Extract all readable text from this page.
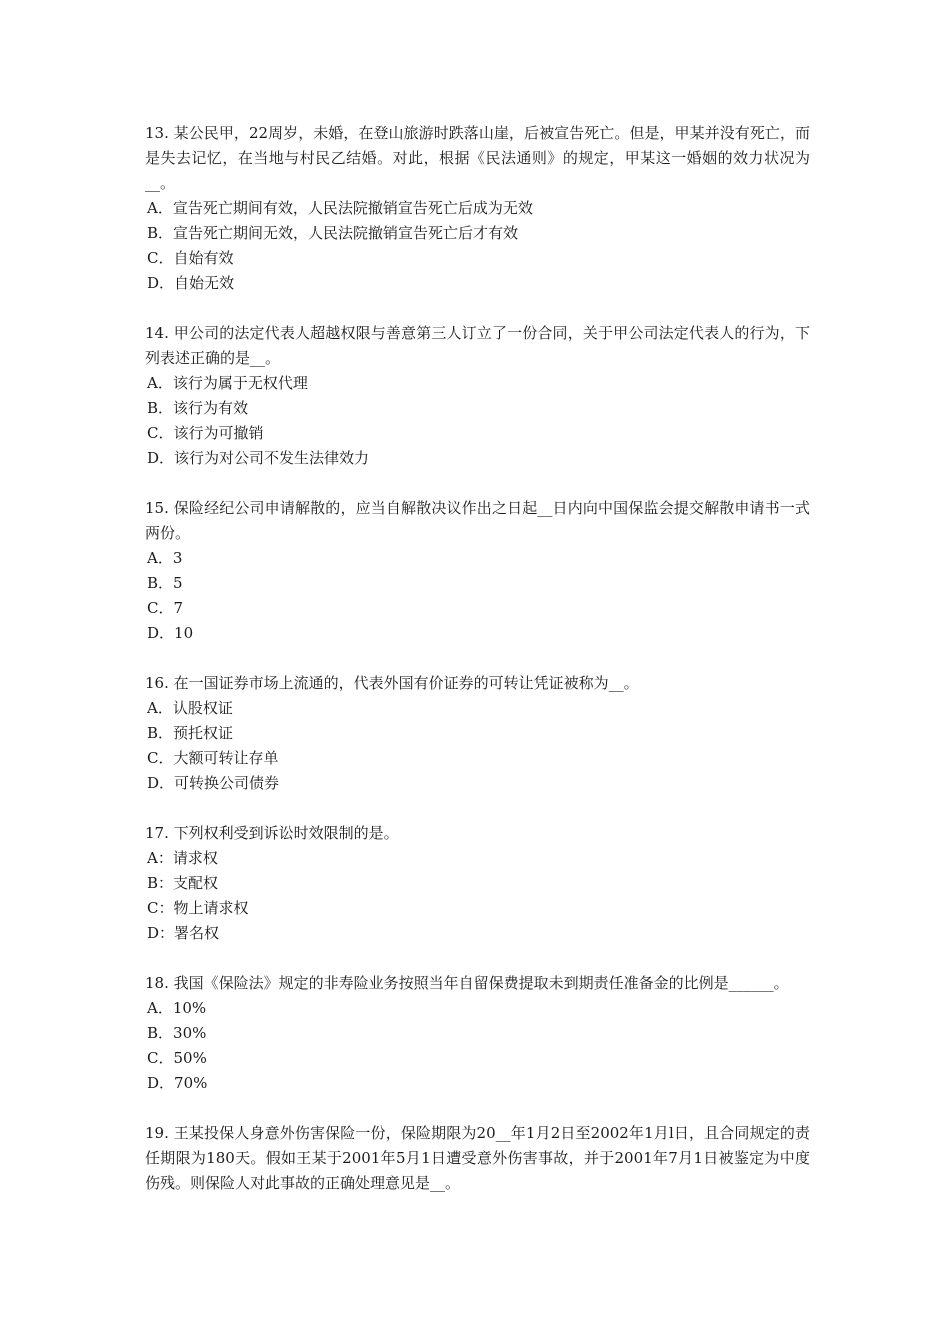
13. 某公民甲，22周岁，未婚，在登山旅游时跌落山崖，后被宣告死亡。但是，甲某并没有死亡，而是失去记忆，在当地与村民乙结婚。对此，根据《民法通则》的规定，甲某这一婚姻的效力状况为__。

A．宣告死亡期间有效，人民法院撤销宣告死亡后成为无效

B．宣告死亡期间无效，人民法院撤销宣告死亡后才有效

C．自始有效

D．自始无效

14. 甲公司的法定代表人超越权限与善意第三人订立了一份合同，关于甲公司法定代表人的行为，下列表述正确的是__。

A．该行为属于无权代理

B．该行为有效

C．该行为可撤销

D．该行为对公司不发生法律效力

15. 保险经纪公司申请解散的，应当自解散决议作出之日起__日内向中国保监会提交解散申请书一式两份。

A．3

B．5

C．7

D．10

16. 在一国证券市场上流通的，代表外国有价证券的可转让凭证被称为__。

A．认股权证

B．预托权证

C．大额可转让存单

D．可转换公司债券

17. 下列权利受到诉讼时效限制的是。

A：请求权

B：支配权

C：物上请求权

D：署名权

18. 我国《保险法》规定的非寿险业务按照当年自留保费提取未到期责任准备金的比例是______。

A．10%

B．30%

C．50%

D．70%

19. 王某投保人身意外伤害保险一份，保险期限为20__年1月2日至2002年1月l日，且合同规定的责任期限为180天。假如王某于2001年5月1日遭受意外伤害事故，并于2001年7月1日被鉴定为中度伤残。则保险人对此事故的正确处理意见是__。
